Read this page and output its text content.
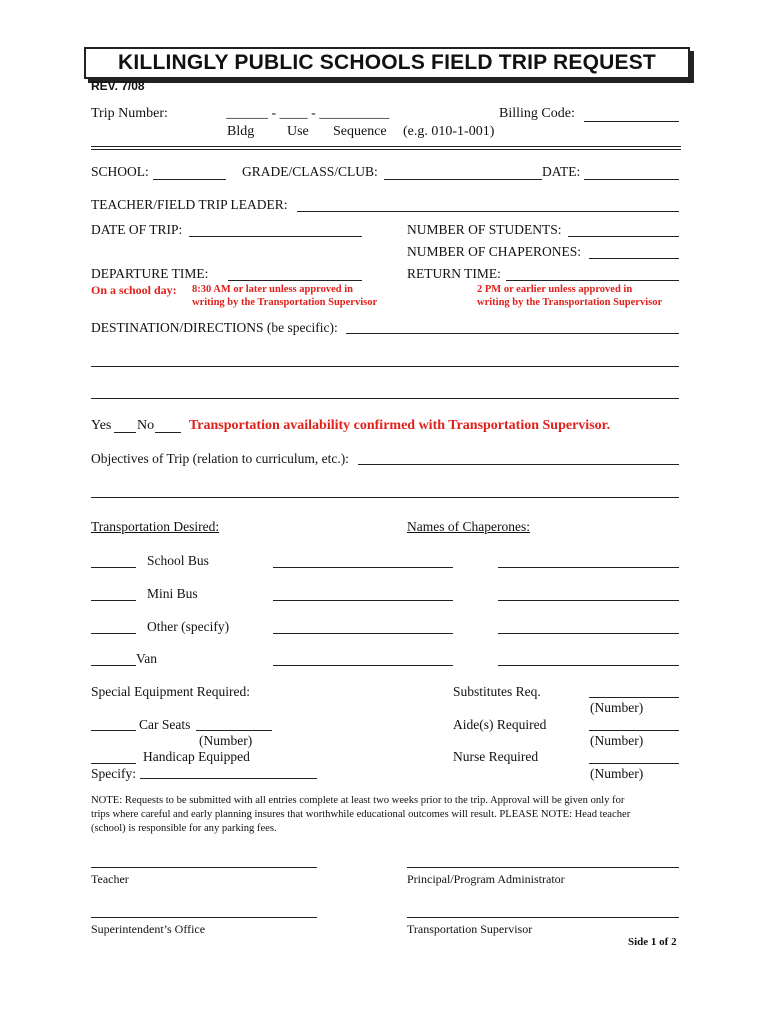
KILLINGLY PUBLIC SCHOOLS FIELD TRIP REQUEST
REV. 7/08
Trip Number:	______ - ____ - __________
Bldg Use Sequence (e.g. 010-1-001)
Billing Code:
SCHOOL:	GRADE/CLASS/CLUB:	DATE:
TEACHER/FIELD TRIP LEADER:
DATE OF TRIP:	NUMBER OF STUDENTS:
NUMBER OF CHAPERONES:
DEPARTURE TIME:	RETURN TIME:
On a school day: 8:30 AM or later unless approved in
writing by the Transportation Supervisor
2 PM or earlier unless approved in
writing by the Transportation Supervisor
DESTINATION/DIRECTIONS (be specific):
Yes No Transportation availability confirmed with Transportation Supervisor.
Objectives of Trip (relation to curriculum, etc.):
Transportation Desired:	Names of Chaperones:
School Bus
Mini Bus
Other (specify)
Van
Special Equipment Required:	Substitutes Req.
(Number)
Car Seats	Aide(s) Required
(Number)	(Number)
Handicap Equipped	Nurse Required
Specify:	(Number)
NOTE: Requests to be submitted with all entries complete at least two weeks prior to the trip. Approval will be given only for
trips where careful and early planning insures that worthwhile educational outcomes will result. PLEASE NOTE: Head teacher
(school) is responsible for any parking fees.
Teacher	Principal/Program Administrator
Superintendent’s Office	Transportation Supervisor
Side 1 of 2
